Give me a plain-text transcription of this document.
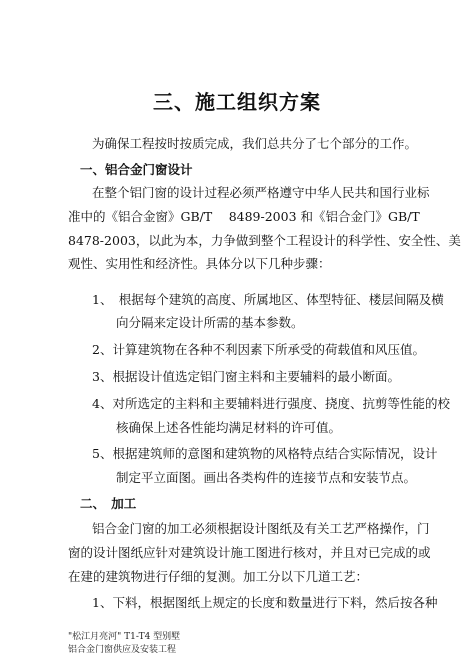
三、施工组织方案
为确保工程按时按质完成，我们总共分了七个部分的工作。
一、铝合金门窗设计
在整个铝门窗的设计过程必须严格遵守中华人民共和国行业标
准中的《铝合金窗》GB/T　 8489-2003 和《铝合金门》GB/T
8478-2003，以此为本，力争做到整个工程设计的科学性、安全性、美
观性、实用性和经济性。具体分以下几种步骤：
1、　根据每个建筑的高度、所属地区、体型特征、楼层间隔及横
向分隔来定设计所需的基本参数。
2、计算建筑物在各种不利因素下所承受的荷载值和风压值。
3、根据设计值选定铝门窗主料和主要辅料的最小断面。
4、对所选定的主料和主要辅料进行强度、挠度、抗剪等性能的校
核确保上述各性能均满足材料的许可值。
5、根据建筑师的意图和建筑物的风格特点结合实际情况，设计
制定平立面图。画出各类构件的连接节点和安装节点。
二、　加工
铝合金门窗的加工必须根据设计图纸及有关工艺严格操作，门
窗的设计图纸应针对建筑设计施工图进行核对，并且对已完成的或
在建的建筑物进行仔细的复测。加工分以下几道工艺：
1、下料，根据图纸上规定的长度和数量进行下料，然后按各种
"松江月亮河" T1-T4 型别墅
铝合金门窗供应及安装工程
